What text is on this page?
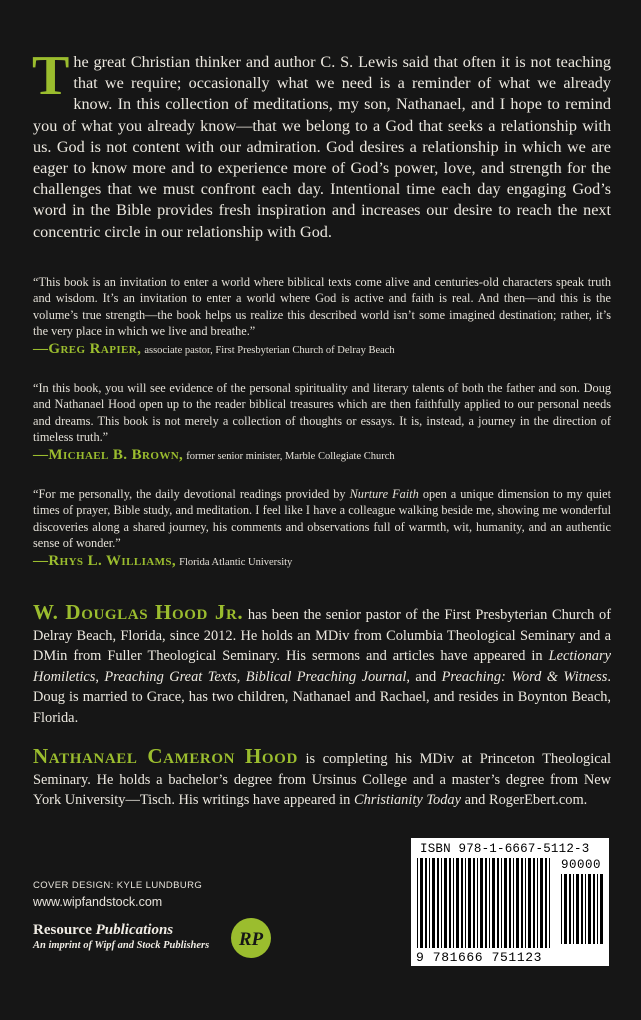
The great Christian thinker and author C. S. Lewis said that often it is not teaching that we require; occasionally what we need is a reminder of what we already know. In this collection of meditations, my son, Nathanael, and I hope to remind you of what you already know—that we belong to a God that seeks a relationship with us. God is not content with our admiration. God desires a relationship in which we are eager to know more and to experience more of God’s power, love, and strength for the challenges that we must confront each day. Intentional time each day engaging God’s word in the Bible provides fresh inspiration and increases our desire to reach the next concentric circle in our relationship with God.
“This book is an invitation to enter a world where biblical texts come alive and centuries-old characters speak truth and wisdom. It’s an invitation to enter a world where God is active and faith is real. And then—and this is the volume’s true strength—the book helps us realize this described world isn’t some imagined destination; rather, it’s the very place in which we live and breathe.”
—Greg Rapier, associate pastor, First Presbyterian Church of Delray Beach
“In this book, you will see evidence of the personal spirituality and literary talents of both the father and son. Doug and Nathanael Hood open up to the reader biblical treasures which are then faithfully applied to our personal needs and dreams. This book is not merely a collection of thoughts or essays. It is, instead, a journey in the direction of timeless truth.”
—Michael B. Brown, former senior minister, Marble Collegiate Church
“For me personally, the daily devotional readings provided by Nurture Faith open a unique dimension to my quiet times of prayer, Bible study, and meditation. I feel like I have a colleague walking beside me, showing me wonderful discoveries along a shared journey, his comments and observations full of warmth, wit, humanity, and an authentic sense of wonder.”
—Rhys L. Williams, Florida Atlantic University
W. Douglas Hood Jr. has been the senior pastor of the First Presbyterian Church of Delray Beach, Florida, since 2012. He holds an MDiv from Columbia Theological Seminary and a DMin from Fuller Theological Seminary. His sermons and articles have appeared in Lectionary Homiletics, Preaching Great Texts, Biblical Preaching Journal, and Preaching: Word & Witness. Doug is married to Grace, has two children, Nathanael and Rachael, and resides in Boynton Beach, Florida.
Nathanael Cameron Hood is completing his MDiv at Princeton Theological Seminary. He holds a bachelor’s degree from Ursinus College and a master’s degree from New York University—Tisch. His writings have appeared in Christianity Today and RogerEbert.com.
COVER DESIGN: KYLE LUNDBURG
www.wipfandstock.com
Resource Publications
An imprint of Wipf and Stock Publishers RP
ISBN 978-1-6667-5112-3
90000
9 781666 751123
